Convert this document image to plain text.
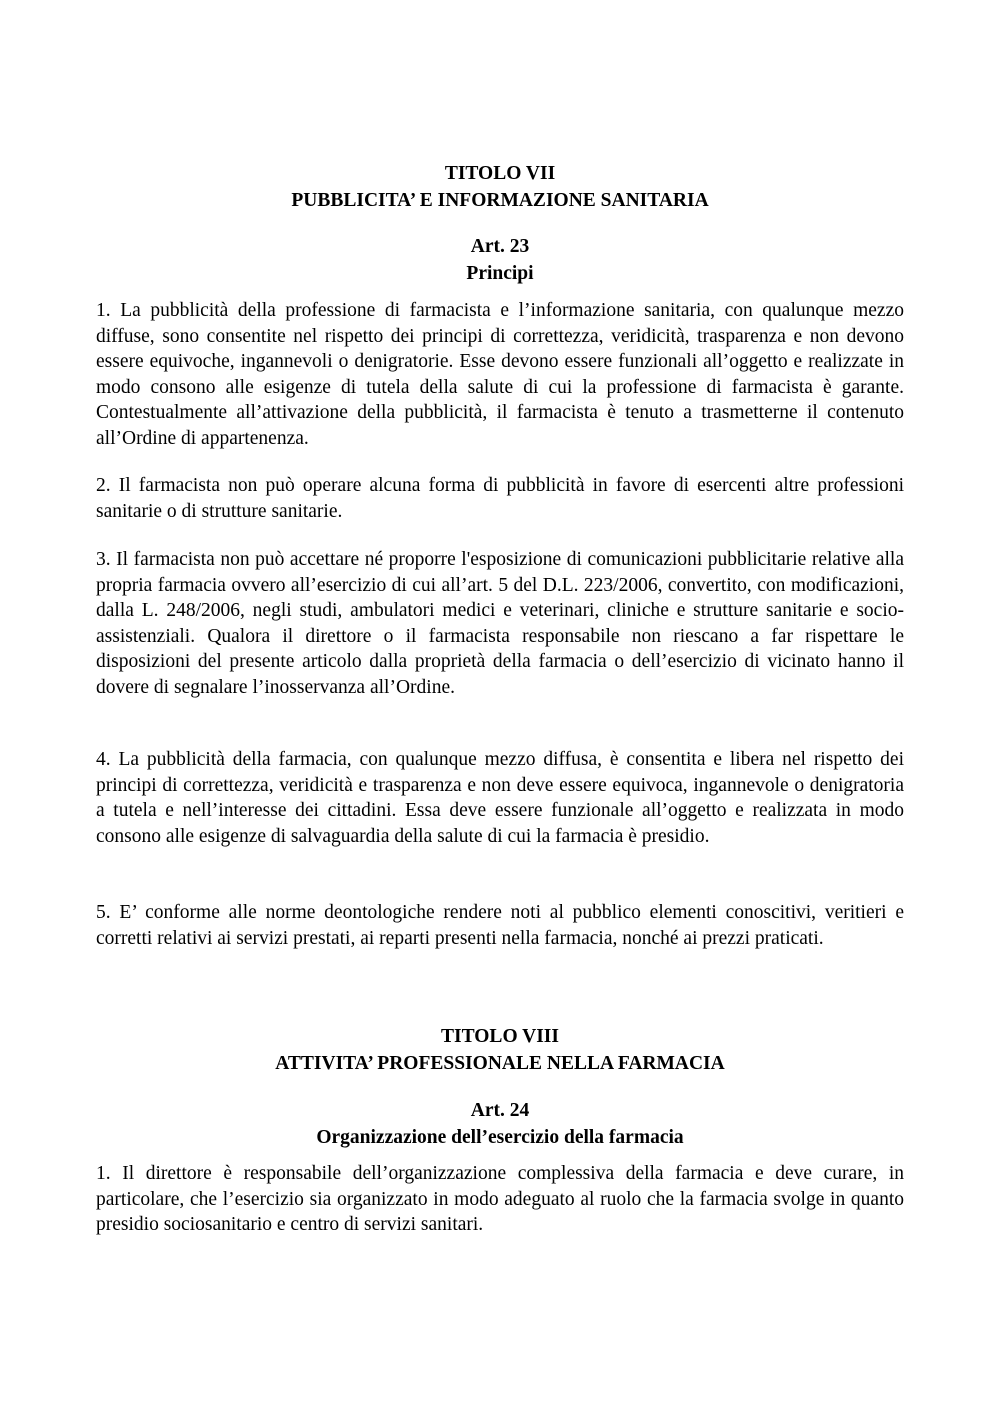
TITOLO VII

PUBBLICITA’ E INFORMAZIONE SANITARIA

Art. 23

Principi

1. La pubblicità della professione di farmacista e l’informazione sanitaria, con qualunque mezzo diffuse, sono consentite nel rispetto dei principi di correttezza, veridicità, trasparenza e non devono essere equivoche, ingannevoli o denigratorie. Esse devono essere funzionali all’oggetto e realizzate in modo consono alle esigenze di tutela della salute di cui la professione di farmacista è garante. Contestualmente all’attivazione della pubblicità, il farmacista è tenuto a trasmetterne il contenuto all’Ordine di appartenenza.

2. Il farmacista non può operare alcuna forma di pubblicità in favore di esercenti altre professioni sanitarie o di strutture sanitarie.

3. Il farmacista non può accettare né proporre l'esposizione di comunicazioni pubblicitarie relative alla propria farmacia ovvero all’esercizio di cui all’art. 5 del D.L. 223/2006, convertito, con modificazioni, dalla L. 248/2006, negli studi, ambulatori medici e veterinari, cliniche e strutture sanitarie e socio-assistenziali. Qualora il direttore o il farmacista responsabile non riescano a far rispettare le disposizioni del presente articolo dalla proprietà della farmacia o dell’esercizio di vicinato hanno il dovere di segnalare l’inosservanza all’Ordine.

4. La pubblicità della farmacia, con qualunque mezzo diffusa, è consentita e libera nel rispetto dei principi di correttezza, veridicità e trasparenza e non deve essere equivoca, ingannevole o denigratoria a tutela e nell’interesse dei cittadini. Essa deve essere funzionale all’oggetto e realizzata in modo consono alle esigenze di salvaguardia della salute di cui la farmacia è presidio.

5. E’ conforme alle norme deontologiche rendere noti al pubblico elementi conoscitivi, veritieri e corretti relativi ai servizi prestati, ai reparti presenti nella farmacia, nonché ai prezzi praticati.

TITOLO VIII

ATTIVITA’ PROFESSIONALE NELLA FARMACIA

Art. 24

Organizzazione dell’esercizio della farmacia

1. Il direttore è responsabile dell’organizzazione complessiva della farmacia e deve curare, in particolare, che l’esercizio sia organizzato in modo adeguato al ruolo che la farmacia svolge in quanto presidio sociosanitario e centro di servizi sanitari.
